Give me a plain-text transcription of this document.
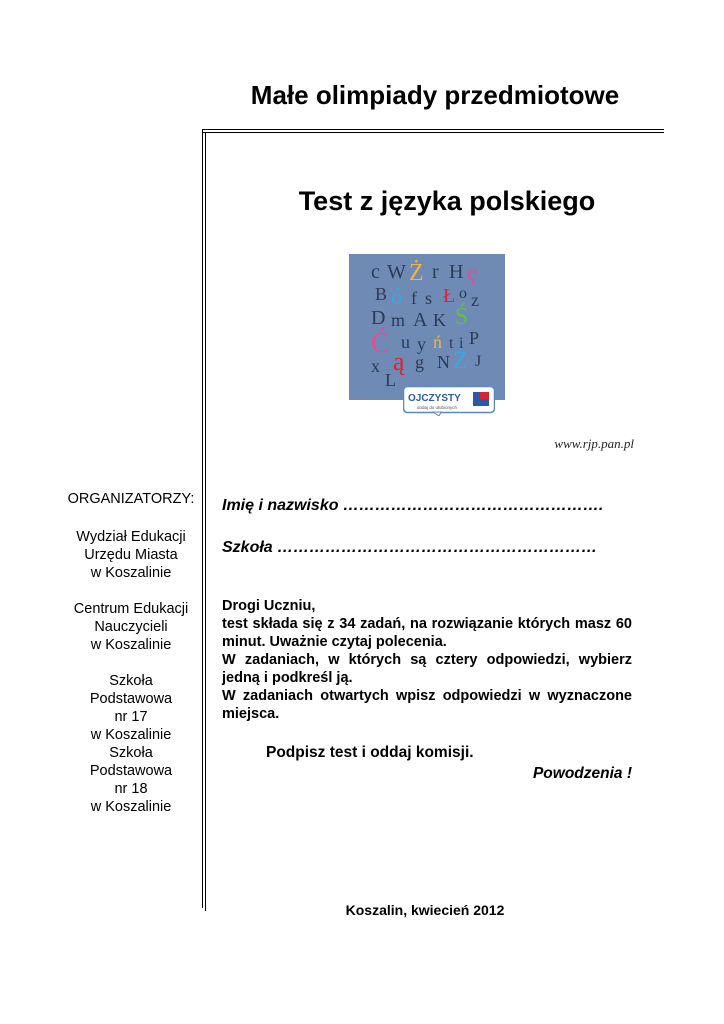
Małe olimpiady przedmiotowe
Test z języka polskiego
c W Ż r H ę
B ó f s Ł o z
D m A K Ś
Ć u y ń t i P
ą g N Ż J
x
L
OJCZYSTY
dodaj do ulubionych
www.rjp.pan.pl
ORGANIZATORZY:
Wydział Edukacji
Urzędu Miasta
w Koszalinie
Centrum Edukacji
Nauczycieli
w Koszalinie
Szkoła
Podstawowa
nr 17
w Koszalinie
Szkoła
Podstawowa
nr 18
w Koszalinie
Imię i nazwisko ………………………………………….
Szkoła ……………………………………………………

Drogi Uczniu,

test składa się z 34 zadań, na rozwiązanie których masz 60 minut. Uważnie czytaj polecenia.

W zadaniach, w których są cztery odpowiedzi, wybierz jedną i podkreśl ją.

W zadaniach otwartych wpisz odpowiedzi w wyznaczone miejsca.

Podpisz test i oddaj komisji.
Powodzenia !
Koszalin, kwiecień 2012
